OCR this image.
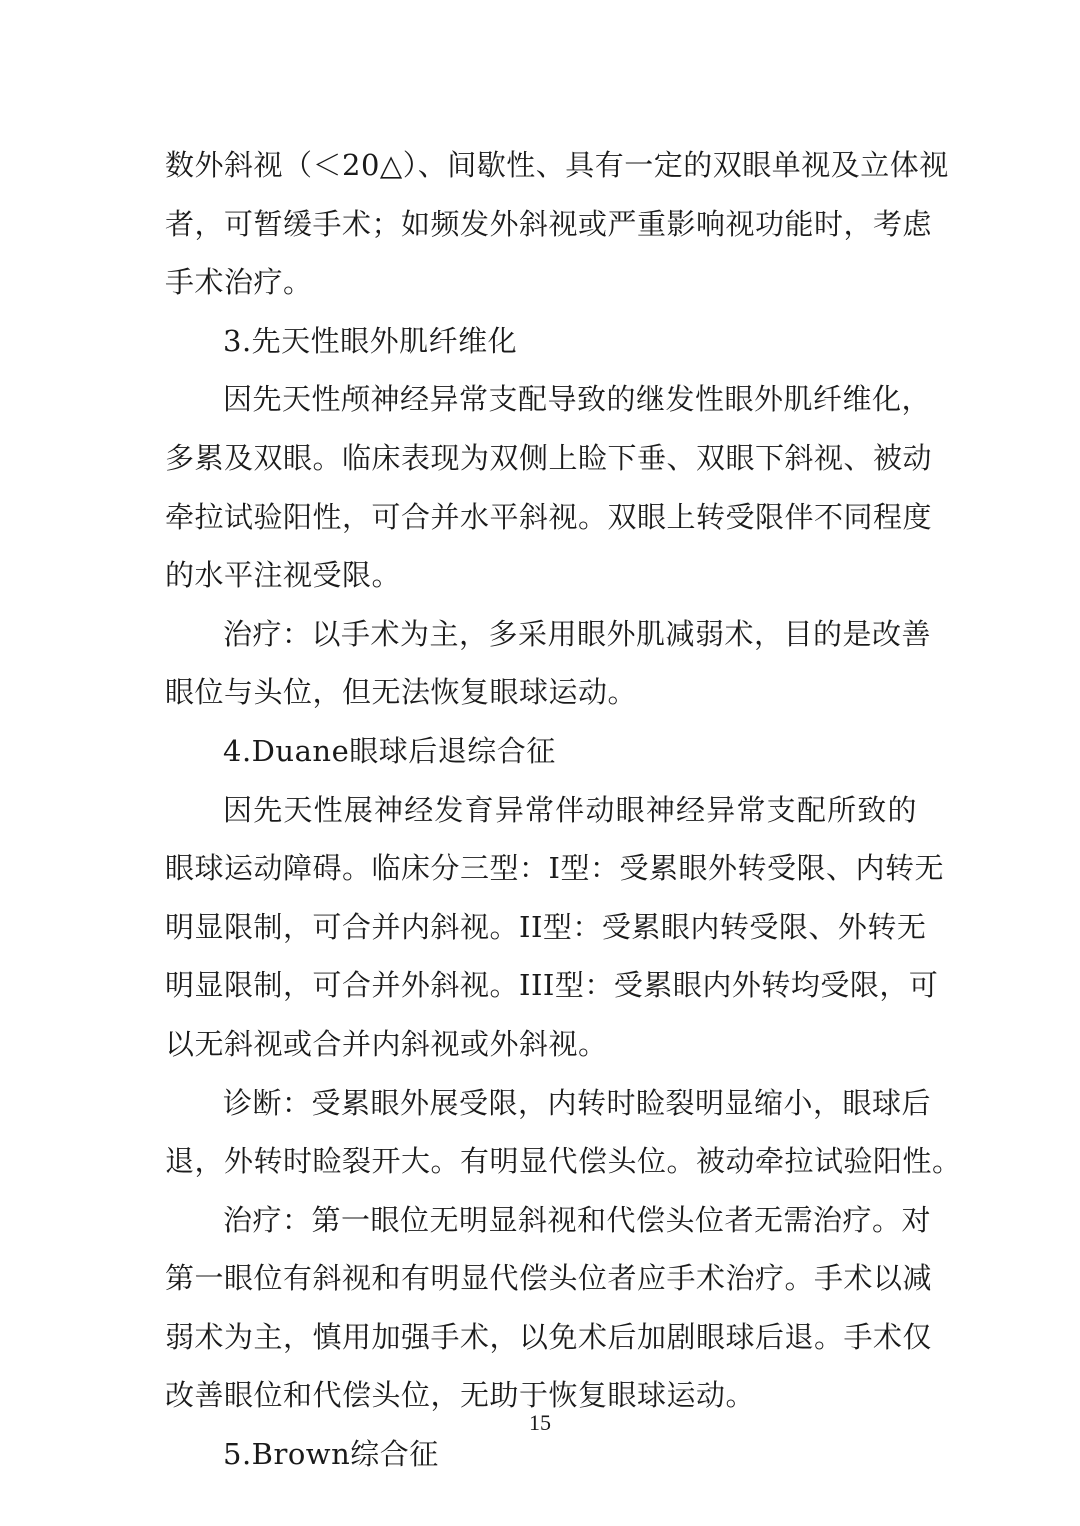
数外斜视（＜20△）、间歇性、具有一定的双眼单视及立体视
者，可暂缓手术；如频发外斜视或严重影响视功能时，考虑
手术治疗。
3.先天性眼外肌纤维化
因先天性颅神经异常支配导致的继发性眼外肌纤维化，
多累及双眼。临床表现为双侧上睑下垂、双眼下斜视、被动
牵拉试验阳性，可合并水平斜视。双眼上转受限伴不同程度
的水平注视受限。
治疗：以手术为主，多采用眼外肌减弱术，目的是改善
眼位与头位，但无法恢复眼球运动。
4.Duane眼球后退综合征
因先天性展神经发育异常伴动眼神经异常支配所致的
眼球运动障碍。临床分三型：I型：受累眼外转受限、内转无
明显限制，可合并内斜视。II型：受累眼内转受限、外转无
明显限制，可合并外斜视。III型：受累眼内外转均受限，可
以无斜视或合并内斜视或外斜视。
诊断：受累眼外展受限，内转时睑裂明显缩小，眼球后
退，外转时睑裂开大。有明显代偿头位。被动牵拉试验阳性。
治疗：第一眼位无明显斜视和代偿头位者无需治疗。对
第一眼位有斜视和有明显代偿头位者应手术治疗。手术以减
弱术为主，慎用加强手术，以免术后加剧眼球后退。手术仅
改善眼位和代偿头位，无助于恢复眼球运动。
5.Brown综合征
15
